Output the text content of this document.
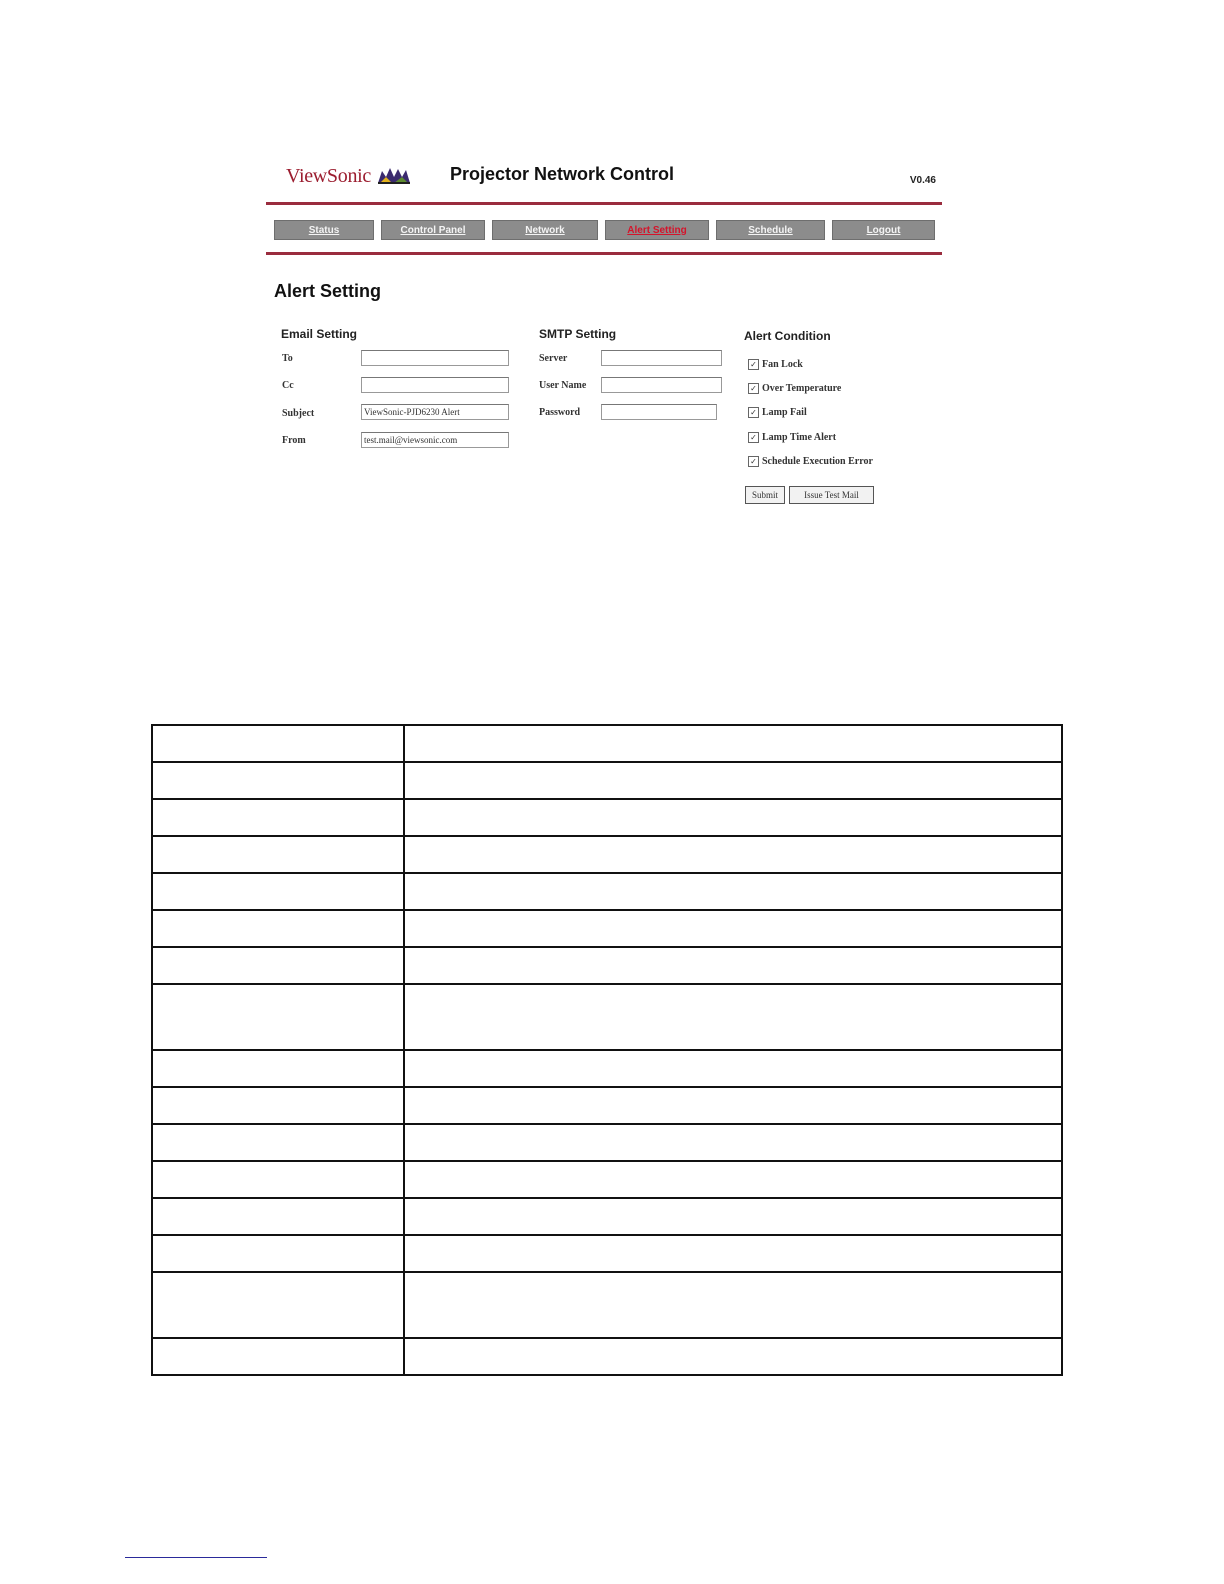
ViewSonic	Projector Network Control	V0.46
Status	Control Panel	Network	Alert Setting	Schedule	Logout
Alert Setting
Email Setting
To
Cc
Subject	ViewSonic-PJD6230 Alert
From	test.mail@viewsonic.com
SMTP Setting
Server
User Name
Password
Alert Condition
✓ Fan Lock
✓ Over Temperature
✓ Lamp Fail
✓ Lamp Time Alert
✓ Schedule Execution Error
Submit	Issue Test Mail
